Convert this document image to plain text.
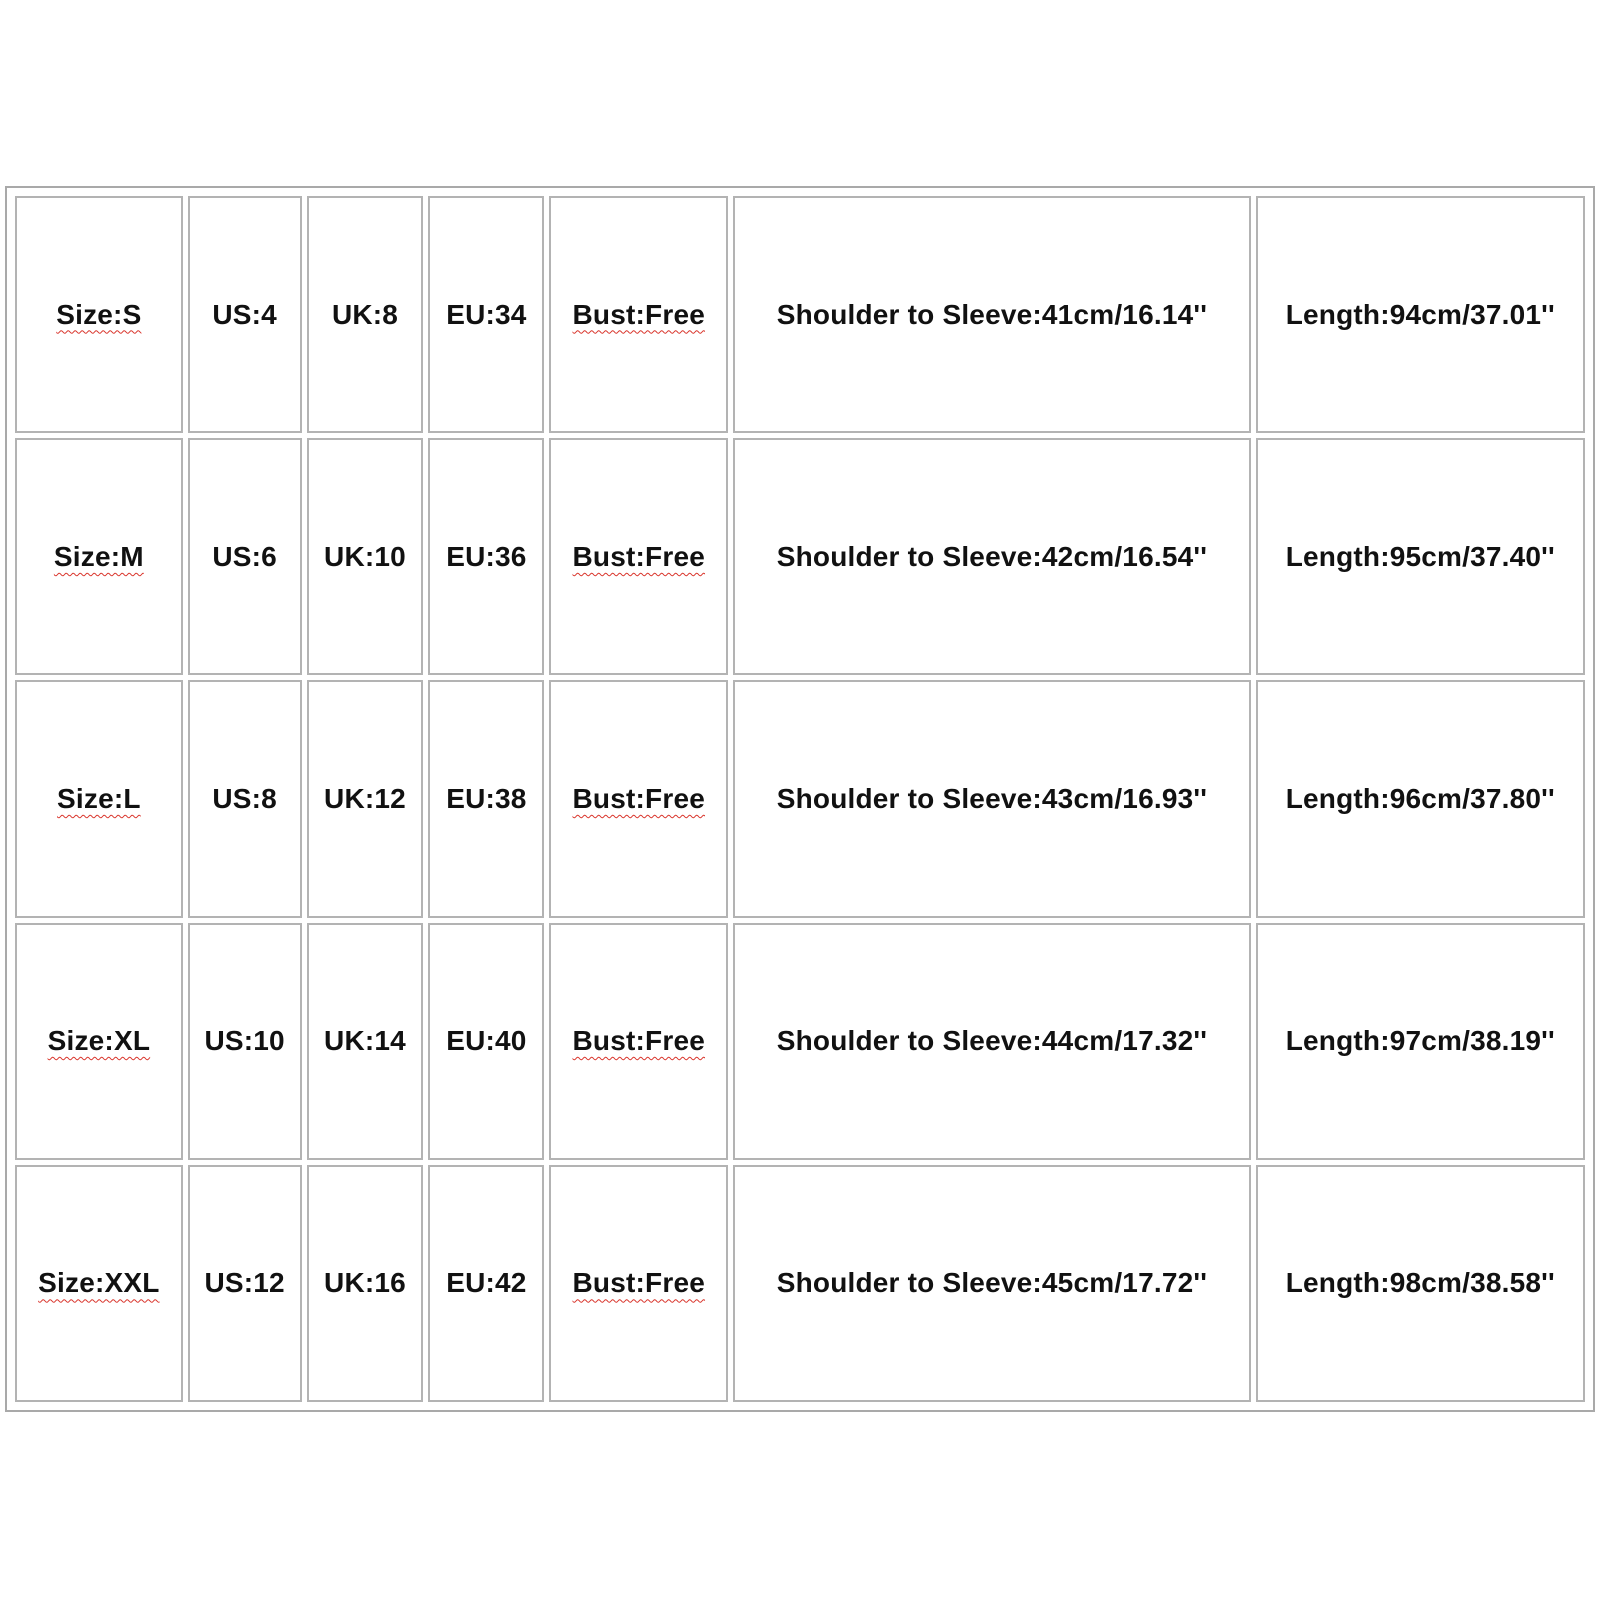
Size:S	US:4	UK:8	EU:34	Bust:Free	Shoulder to Sleeve:41cm/16.14''	Length:94cm/37.01''
Size:M	US:6	UK:10	EU:36	Bust:Free	Shoulder to Sleeve:42cm/16.54''	Length:95cm/37.40''
Size:L	US:8	UK:12	EU:38	Bust:Free	Shoulder to Sleeve:43cm/16.93''	Length:96cm/37.80''
Size:XL	US:10	UK:14	EU:40	Bust:Free	Shoulder to Sleeve:44cm/17.32''	Length:97cm/38.19''
Size:XXL	US:12	UK:16	EU:42	Bust:Free	Shoulder to Sleeve:45cm/17.72''	Length:98cm/38.58''
